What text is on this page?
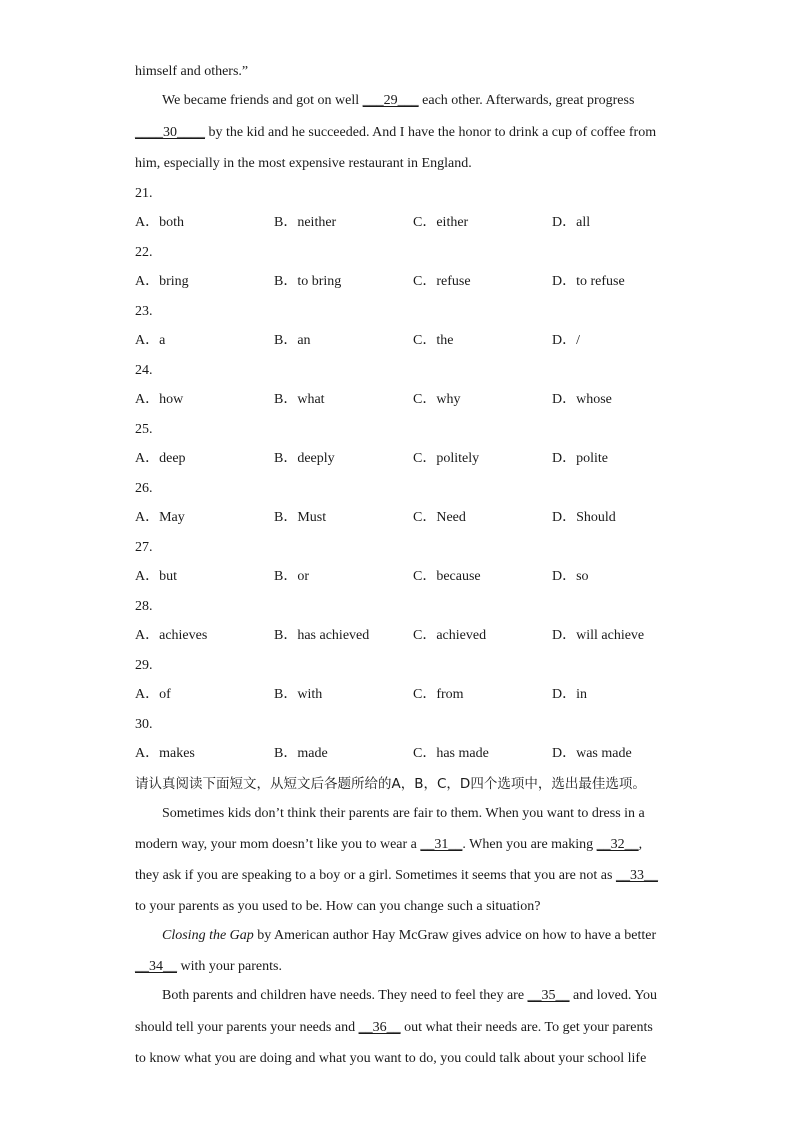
himself and others.”
We became friends and got on well ___29___ each other. Afterwards, great progress
____30____ by the kid and he succeeded. And I have the honor to drink a cup of coffee from
him, especially in the most expensive restaurant in England.
21.
A．both	B．neither	C．either	D．all
22.
A．bring	B．to bring	C．refuse	D．to refuse
23.
A．a	B．an	C．the	D．/
24.
A．how	B．what	C．why	D．whose
25.
A．deep	B．deeply	C．politely	D．polite
26.
A．May	B．Must	C．Need	D．Should
27.
A．but	B．or	C．because	D．so
28.
A．achieves	B．has achieved	C．achieved	D．will achieve
29.
A．of	B．with	C．from	D．in
30.
A．makes	B．made	C．has made	D．was made
请认真阅读下面短文，从短文后各题所给的A，B，C，D四个选项中，选出最佳选项。
Sometimes kids don’t think their parents are fair to them. When you want to dress in a
modern way, your mom doesn’t like you to wear a __31__. When you are making __32__,
they ask if you are speaking to a boy or a girl. Sometimes it seems that you are not as __33__
to your parents as you used to be. How can you change such a situation?
Closing the Gap by American author Hay McGraw gives advice on how to have a better
__34__ with your parents.
Both parents and children have needs. They need to feel they are __35__ and loved. You
should tell your parents your needs and __36__ out what their needs are. To get your parents
to know what you are doing and what you want to do, you could talk about your school life
